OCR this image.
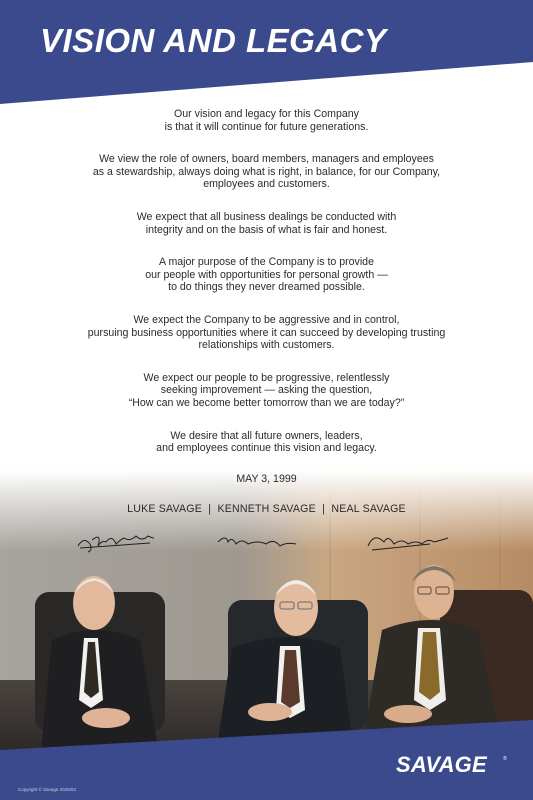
VISION AND LEGACY
Our vision and legacy for this Company
is that it will continue for future generations.
We view the role of owners, board members, managers and employees
as a stewardship, always doing what is right, in balance, for our Company,
employees and customers.
We expect that all business dealings be conducted with
integrity and on the basis of what is fair and honest.
A major purpose of the Company is to provide
our people with opportunities for personal growth —
to do things they never dreamed possible.
We expect the Company to be aggressive and in control,
pursuing business opportunities where it can succeed by developing trusting
relationships with customers.
We expect our people to be progressive, relentlessly
seeking improvement — asking the question,
“How can we become better tomorrow than we are today?”
We desire that all future owners, leaders,
and employees continue this vision and legacy.
MAY 3, 1999
LUKE SAVAGE  |  KENNETH SAVAGE  |  NEAL SAVAGE
SAVAGE	®
Copyright © Savage 2025/03
